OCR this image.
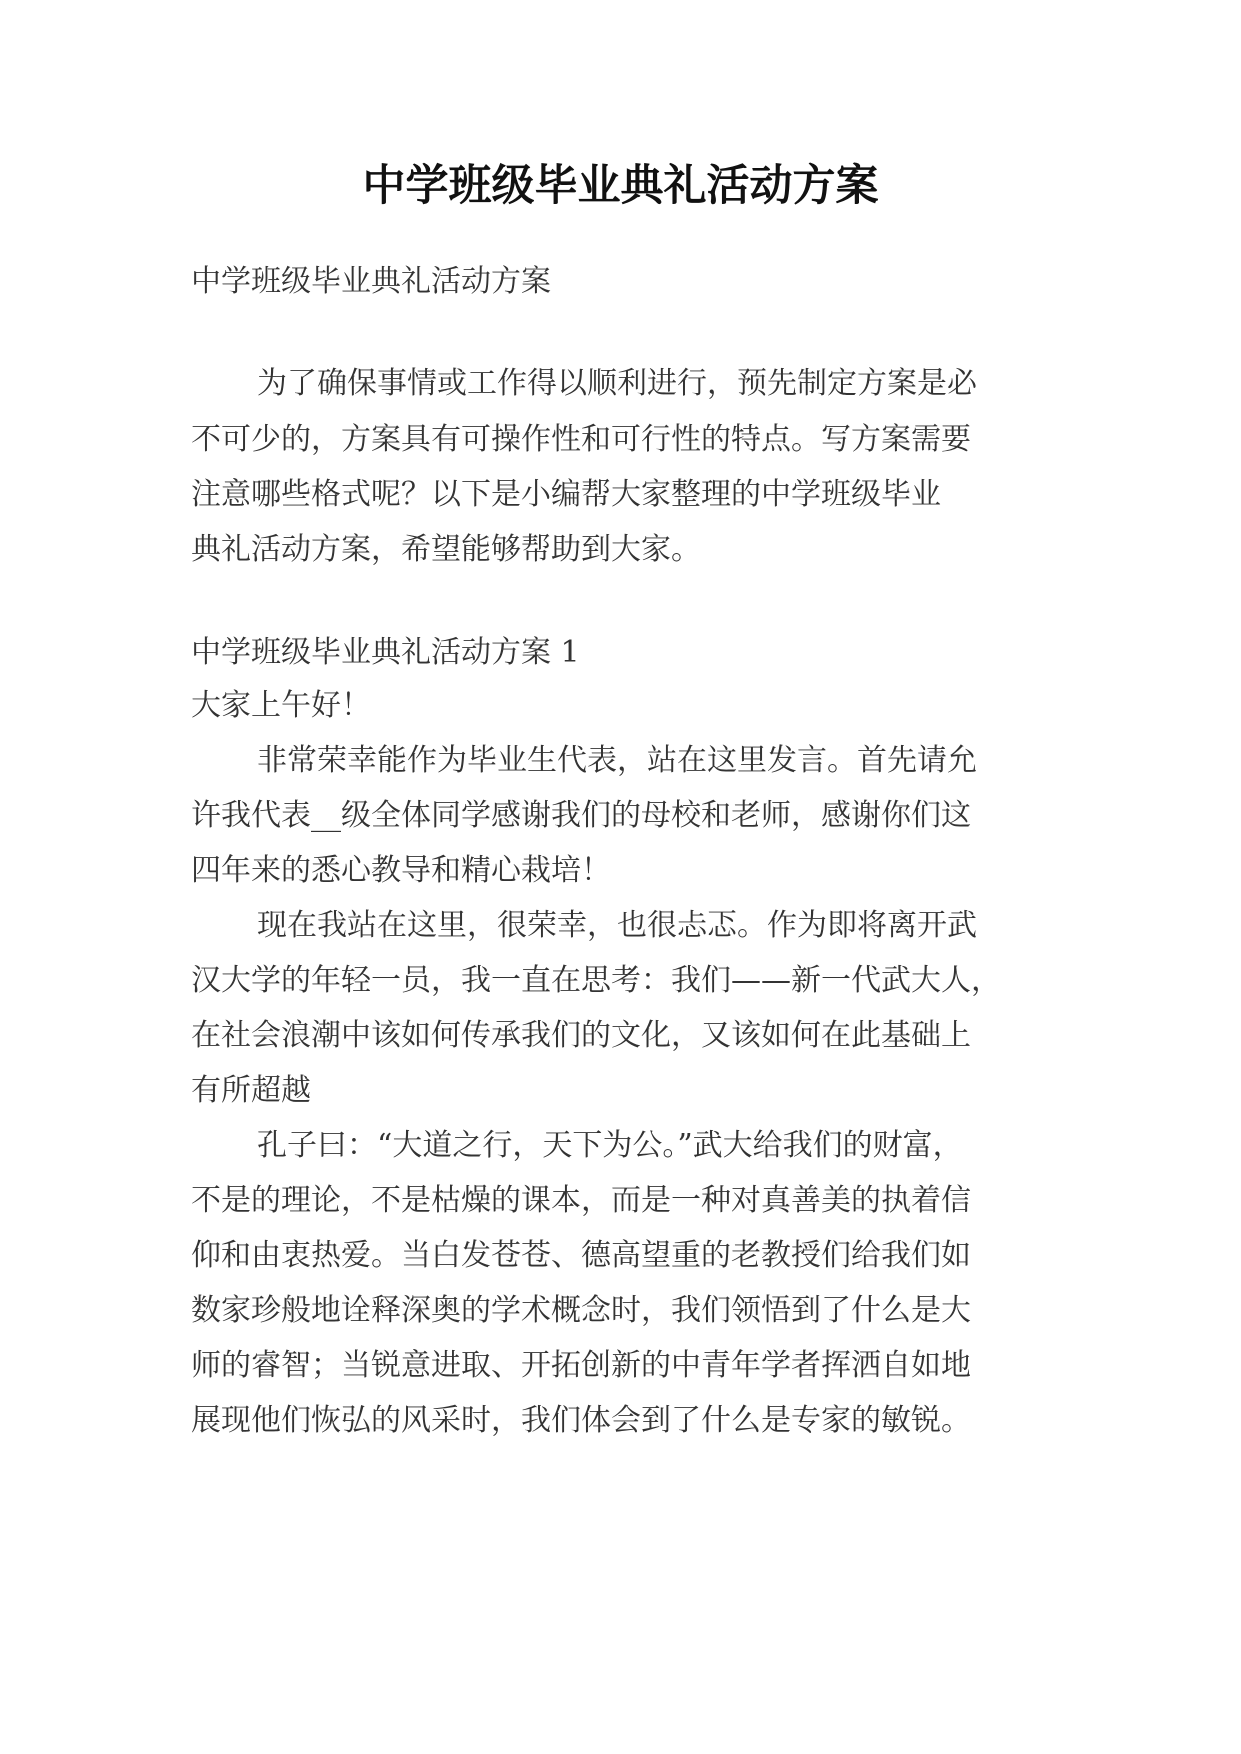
中学班级毕业典礼活动方案
中学班级毕业典礼活动方案
为了确保事情或工作得以顺利进行，预先制定方案是必
不可少的，方案具有可操作性和可行性的特点。写方案需要
注意哪些格式呢？以下是小编帮大家整理的中学班级毕业
典礼活动方案，希望能够帮助到大家。
中学班级毕业典礼活动方案 1
大家上午好！
非常荣幸能作为毕业生代表，站在这里发言。首先请允
许我代表__级全体同学感谢我们的母校和老师，感谢你们这
四年来的悉心教导和精心栽培！
现在我站在这里，很荣幸，也很忐忑。作为即将离开武
汉大学的年轻一员，我一直在思考：我们——新一代武大人，
在社会浪潮中该如何传承我们的文化，又该如何在此基础上
有所超越
孔子曰：“大道之行，天下为公。”武大给我们的财富，
不是的理论，不是枯燥的课本，而是一种对真善美的执着信
仰和由衷热爱。当白发苍苍、德高望重的老教授们给我们如
数家珍般地诠释深奥的学术概念时，我们领悟到了什么是大
师的睿智；当锐意进取、开拓创新的中青年学者挥洒自如地
展现他们恢弘的风采时，我们体会到了什么是专家的敏锐。
